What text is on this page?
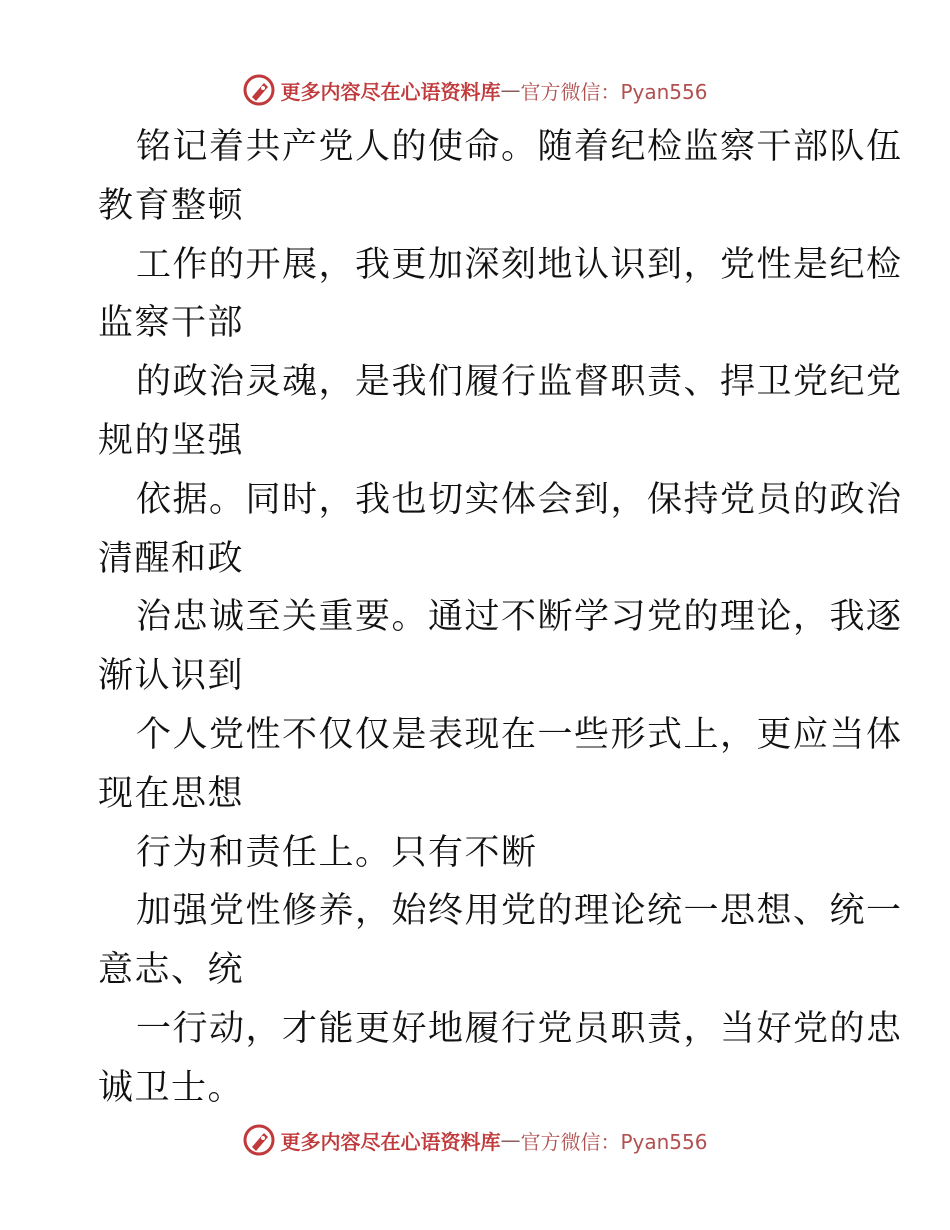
更多内容尽在心语资料库 — 官方微信：Pyan556
铭记着共产党人的使命。随着纪检监察干部队伍
教育整顿
工作的开展，我更加深刻地认识到，党性是纪检
监察干部
的政治灵魂，是我们履行监督职责、捍卫党纪党
规的坚强
依据。同时，我也切实体会到，保持党员的政治
清醒和政
治忠诚至关重要。通过不断学习党的理论，我逐
渐认识到
个人党性不仅仅是表现在一些形式上，更应当体
现在思想
行为和责任上。只有不断
加强党性修养，始终用党的理论统一思想、统一
意志、统
一行动，才能更好地履行党员职责，当好党的忠
诚卫士。
更多内容尽在心语资料库 — 官方微信：Pyan556
